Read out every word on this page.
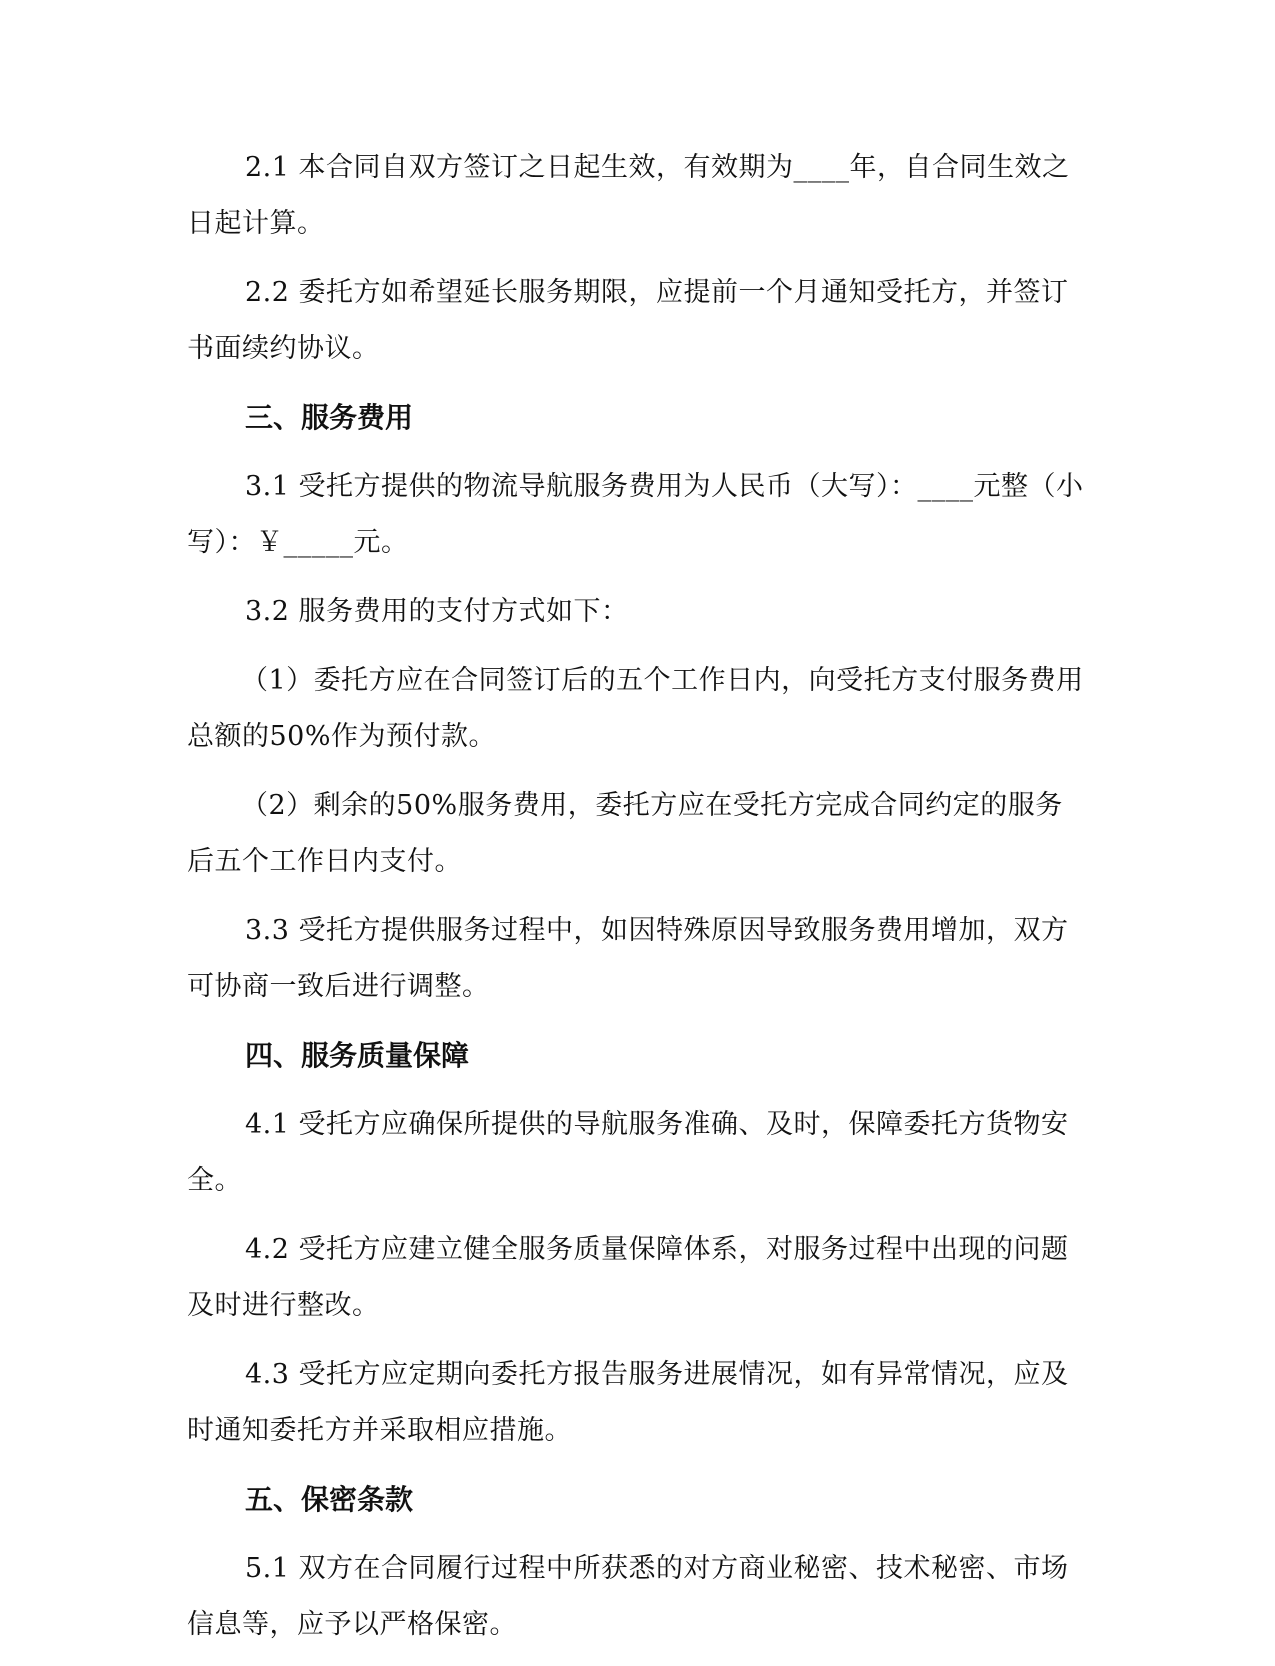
2.1 本合同自双方签订之日起生效，有效期为____年，自合同生效之日起计算。

2.2 委托方如希望延长服务期限，应提前一个月通知受托方，并签订书面续约协议。

三、服务费用

3.1 受托方提供的物流导航服务费用为人民币（大写）：____元整（小写）：￥_____元。

3.2 服务费用的支付方式如下：

（1）委托方应在合同签订后的五个工作日内，向受托方支付服务费用总额的50%作为预付款。

（2）剩余的50%服务费用，委托方应在受托方完成合同约定的服务后五个工作日内支付。

3.3 受托方提供服务过程中，如因特殊原因导致服务费用增加，双方可协商一致后进行调整。

四、服务质量保障

4.1 受托方应确保所提供的导航服务准确、及时，保障委托方货物安全。

4.2 受托方应建立健全服务质量保障体系，对服务过程中出现的问题及时进行整改。

4.3 受托方应定期向委托方报告服务进展情况，如有异常情况，应及时通知委托方并采取相应措施。

五、保密条款

5.1 双方在合同履行过程中所获悉的对方商业秘密、技术秘密、市场信息等，应予以严格保密。
